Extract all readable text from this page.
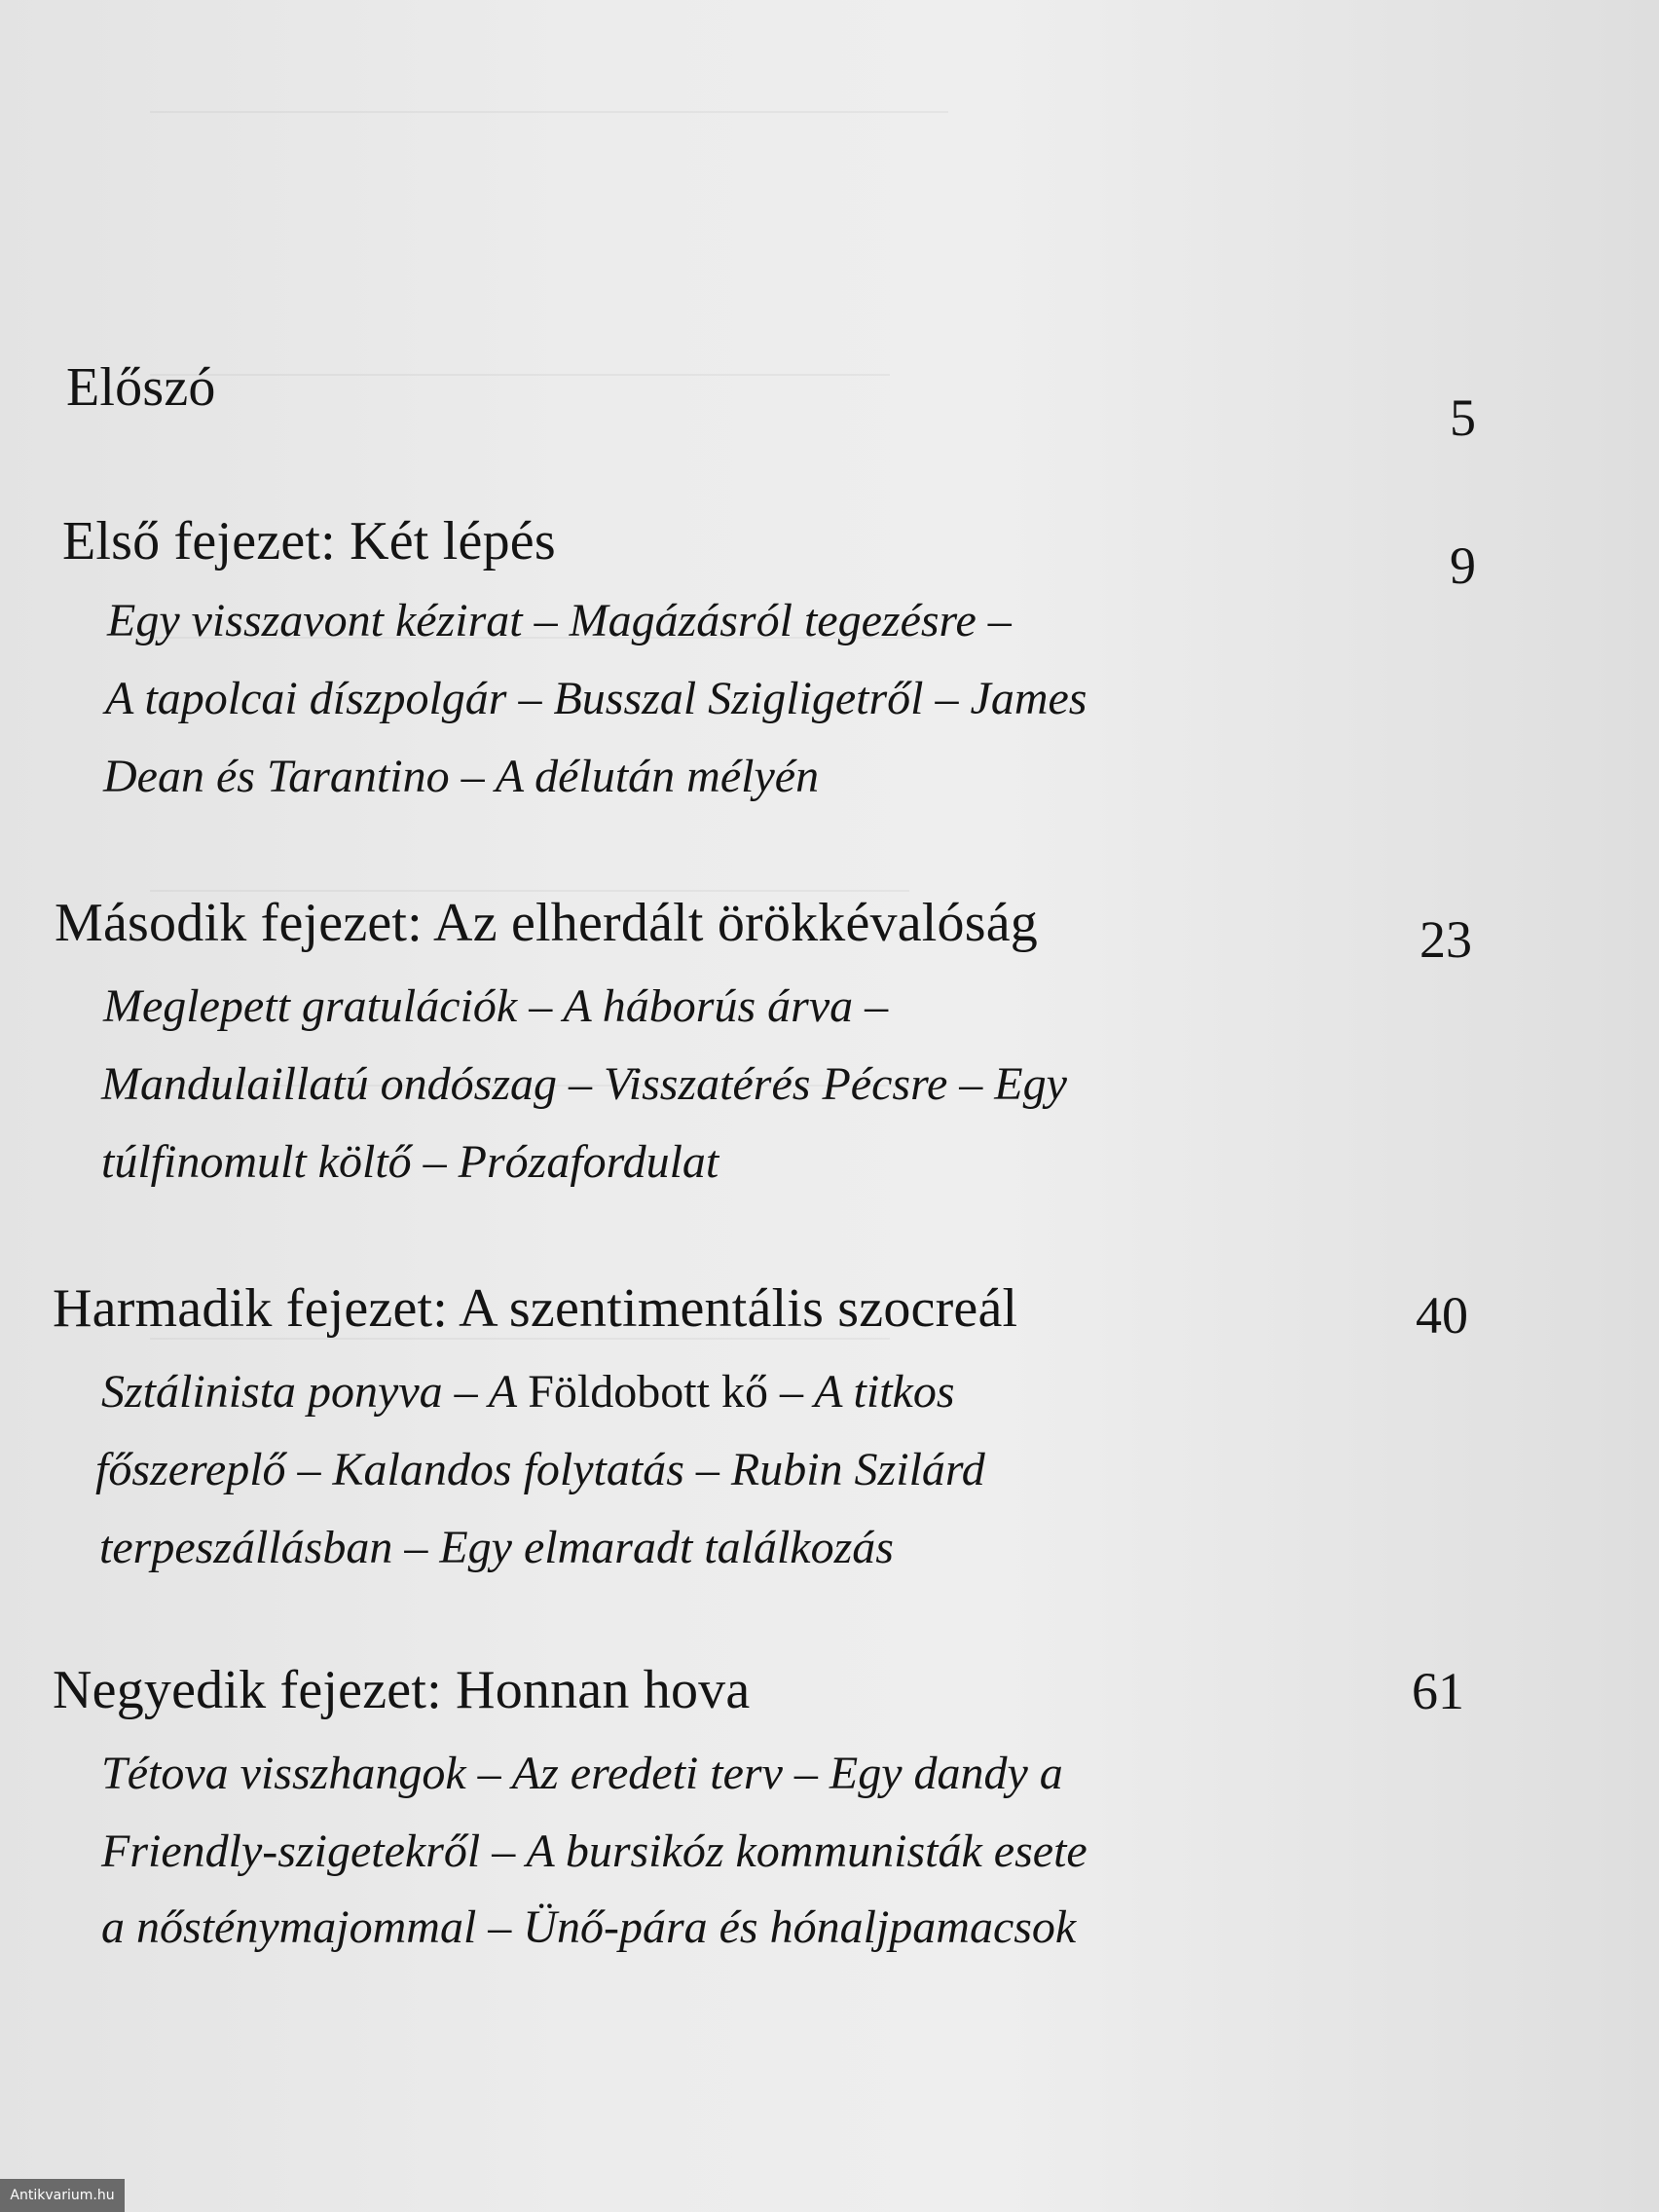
Előszó	5
Első fejezet: Két lépés	9
Egy visszavont kézirat – Magázásról tegezésre –
A tapolcai díszpolgár – Busszal Szigligetről – James
Dean és Tarantino – A délután mélyén
Második fejezet: Az elherdált örökkévalóság	23
Meglepett gratulációk – A háborús árva –
Mandulaillatú ondószag – Visszatérés Pécsre – Egy
túlfinomult költő – Prózafordulat
Harmadik fejezet: A szentimentális szocreál	40
Sztálinista ponyva – A Földobott kő – A titkos
főszereplő – Kalandos folytatás – Rubin Szilárd
terpeszállásban – Egy elmaradt találkozás
Negyedik fejezet: Honnan hova	61
Tétova visszhangok – Az eredeti terv – Egy dandy a
Friendly-szigetekről – A bursikóz kommunisták esete
a nősténymajommal – Ünő-pára és hónaljpamacsok
Antikvarium.hu
